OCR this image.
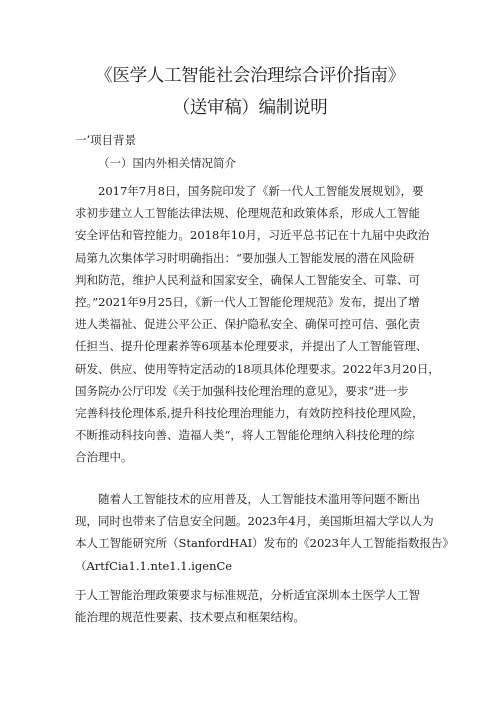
《医学人工智能社会治理综合评价指南》
（送审稿）编制说明
一’项目背景
（一）国内外相关情况简介
2017年7月8日，国务院印发了《新一代人工智能发展规划》，要
求初步建立人工智能法律法规、伦理规范和政策体系，形成人工智能
安全评估和管控能力。2018年10月，习近平总书记在十九届中央政治
局第九次集体学习时明确指出：“要加强人工智能发展的潜在风险研
判和防范，维护人民利益和国家安全，确保人工智能安全、可靠、可
控。”2021年9月25日，《新一代人工智能伦理规范》发布，提出了增
进人类福祉、促进公平公正、保护隐私安全、确保可控可信、强化责
任担当、提升伦理素养等6项基本伦理要求，并提出了人工智能管理、
研发、供应、使用等特定活动的18项具体伦理要求。2022年3月20日，
国务院办公厅印发《关于加强科技伦理治理的意见》，要求“进一步
完善科技伦理体系,提升科技伦理治理能力，有效防控科技伦理风险，
不断推动科技向善、造福人类“，将人工智能伦理纳入科技伦理的综
合治理中。
随着人工智能技术的应用普及，人工智能技术滥用等问题不断出
现，同时也带来了信息安全问题。2023年4月，美国斯坦福大学以人为
本人工智能研究所（StanfordHAI）发布的《2023年人工智能指数报告》
（ArtfCia1.1.nte1.1.igenCe
于人工智能治理政策要求与标准规范，分析适宜深圳本土医学人工智
能治理的规范性要素、技术要点和框架结构。
